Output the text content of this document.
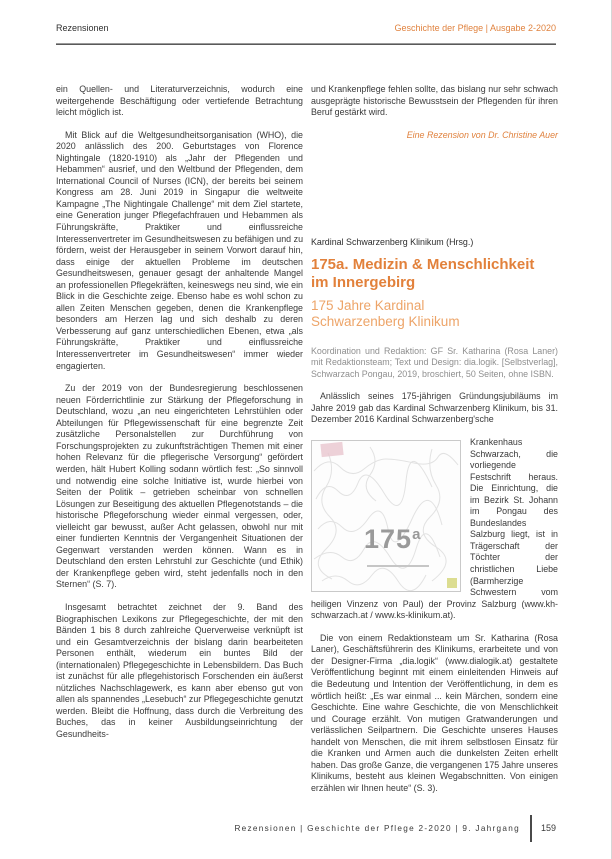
Rezensionen	Geschichte der Pflege | Ausgabe 2-2020

ein Quellen- und Literaturverzeichnis, wodurch eine weitergehende Beschäftigung oder vertiefende Betrachtung leicht möglich ist.

Mit Blick auf die Weltgesundheitsorganisation (WHO), die 2020 anlässlich des 200. Geburtstages von Florence Nightingale (1820-1910) als „Jahr der Pflegenden und Hebammen“ ausrief, und den Weltbund der Pflegenden, dem International Council of Nurses (ICN), der bereits bei seinem Kongress am 28. Juni 2019 in Singapur die weltweite Kampagne „The Nightingale Challenge“ mit dem Ziel startete, eine Generation junger Pflegefachfrauen und Hebammen als Führungskräfte, Praktiker und einflussreiche Interessenvertreter im Gesundheitswesen zu befähigen und zu fördern, weist der Herausgeber in seinem Vorwort darauf hin, dass einige der aktuellen Probleme im deutschen Gesundheitswesen, genauer gesagt der anhaltende Mangel an professionellen Pflegekräften, keineswegs neu sind, wie ein Blick in die Geschichte zeige. Ebenso habe es wohl schon zu allen Zeiten Menschen gegeben, denen die Krankenpflege besonders am Herzen lag und sich deshalb zu deren Verbesserung auf ganz unterschiedlichen Ebenen, etwa „als Führungskräfte, Praktiker und einflussreiche Interessenvertreter im Gesundheitswesen“ immer wieder engagierten.

Zu der 2019 von der Bundesregierung beschlossenen neuen Förderrichtlinie zur Stärkung der Pflegeforschung in Deutschland, wozu „an neu eingerichteten Lehrstühlen oder Abteilungen für Pflegewissenschaft für eine begrenzte Zeit zusätzliche Personalstellen zur Durchführung von Forschungsprojekten zu zukunftsträchtigen Themen mit einer hohen Relevanz für die pflegerische Versorgung“ gefördert werden, hält Hubert Kolling sodann wörtlich fest: „So sinnvoll und notwendig eine solche Initiative ist, wurde hierbei von Seiten der Politik – getrieben scheinbar von schnellen Lösungen zur Beseitigung des aktuellen Pflegenotstands – die historische Pflegeforschung wieder einmal vergessen, oder, vielleicht gar bewusst, außer Acht gelassen, obwohl nur mit einer fundierten Kenntnis der Vergangenheit Situationen der Gegenwart verstanden werden können. Wann es in Deutschland den ersten Lehrstuhl zur Geschichte (und Ethik) der Krankenpflege geben wird, steht jedenfalls noch in den Sternen“ (S. 7).

Insgesamt betrachtet zeichnet der 9. Band des Biographischen Lexikons zur Pflegegeschichte, der mit den Bänden 1 bis 8 durch zahlreiche Querverweise verknüpft ist und ein Gesamtverzeichnis der bislang darin bearbeiteten Personen enthält, wiederum ein buntes Bild der (internationalen) Pflegegeschichte in Lebensbildern. Das Buch ist zunächst für alle pflegehistorisch Forschenden ein äußerst nützliches Nachschlagewerk, es kann aber ebenso gut von allen als spannendes „Lesebuch“ zur Pflegegeschichte genutzt werden. Bleibt die Hoffnung, dass durch die Verbreitung des Buches, das in keiner Ausbildungseinrichtung der Gesundheits-

und Krankenpflege fehlen sollte, das bislang nur sehr schwach ausgeprägte historische Bewusstsein der Pflegenden für ihren Beruf gestärkt wird.

Eine Rezension von Dr. Christine Auer

Kardinal Schwarzenberg Klinikum (Hrsg.)
175a. Medizin & Menschlichkeit im Innergebirg
175 Jahre Kardinal Schwarzenberg Klinikum

Koordination und Redaktion: GF Sr. Katharina (Rosa Laner) mit Redaktionsteam; Text und Design: dia.logik. [Selbstverlag], Schwarzach Pongau, 2019, broschiert, 50 Seiten, ohne ISBN.

Anlässlich seines 175-jährigen Gründungsjubiläums im Jahre 2019 gab das Kardinal Schwarzenberg Klinikum, bis 31. Dezember 2016 Kardinal Schwarzenberg'sche

175$^a$
Krankenhaus Schwarzach, die vorliegende Festschrift heraus. Die Einrichtung, die im Bezirk St. Johann im Pongau des Bundeslandes Salzburg liegt, ist in Trägerschaft der Töchter der christlichen Liebe (Barmherzige Schwestern vom heiligen Vinzenz von Paul) der Provinz Salzburg (www.kh-schwarzach.at / www.ks-klinikum.at).

Die von einem Redaktionsteam um Sr. Katharina (Rosa Laner), Geschäftsführerin des Klinikums, erarbeitete und von der Designer-Firma „dia.logik“ (www.dialogik.at) gestaltete Veröffentlichung beginnt mit einem einleitenden Hinweis auf die Bedeutung und Intention der Veröffentlichung, in dem es wörtlich heißt: „Es war einmal ... kein Märchen, sondern eine Geschichte. Eine wahre Geschichte, die von Menschlichkeit und Courage erzählt. Von mutigen Gratwanderungen und verlässlichen Seilpartnern. Die Geschichte unseres Hauses handelt von Menschen, die mit ihrem selbstlosen Einsatz für die Kranken und Armen auch die dunkelsten Zeiten erhellt haben. Das große Ganze, die vergangenen 175 Jahre unseres Klinikums, besteht aus kleinen Wegabschnitten. Von einigen erzählen wir Ihnen heute“ (S. 3).

Rezensionen | Geschichte der Pflege 2-2020 | 9. Jahrgang 159
